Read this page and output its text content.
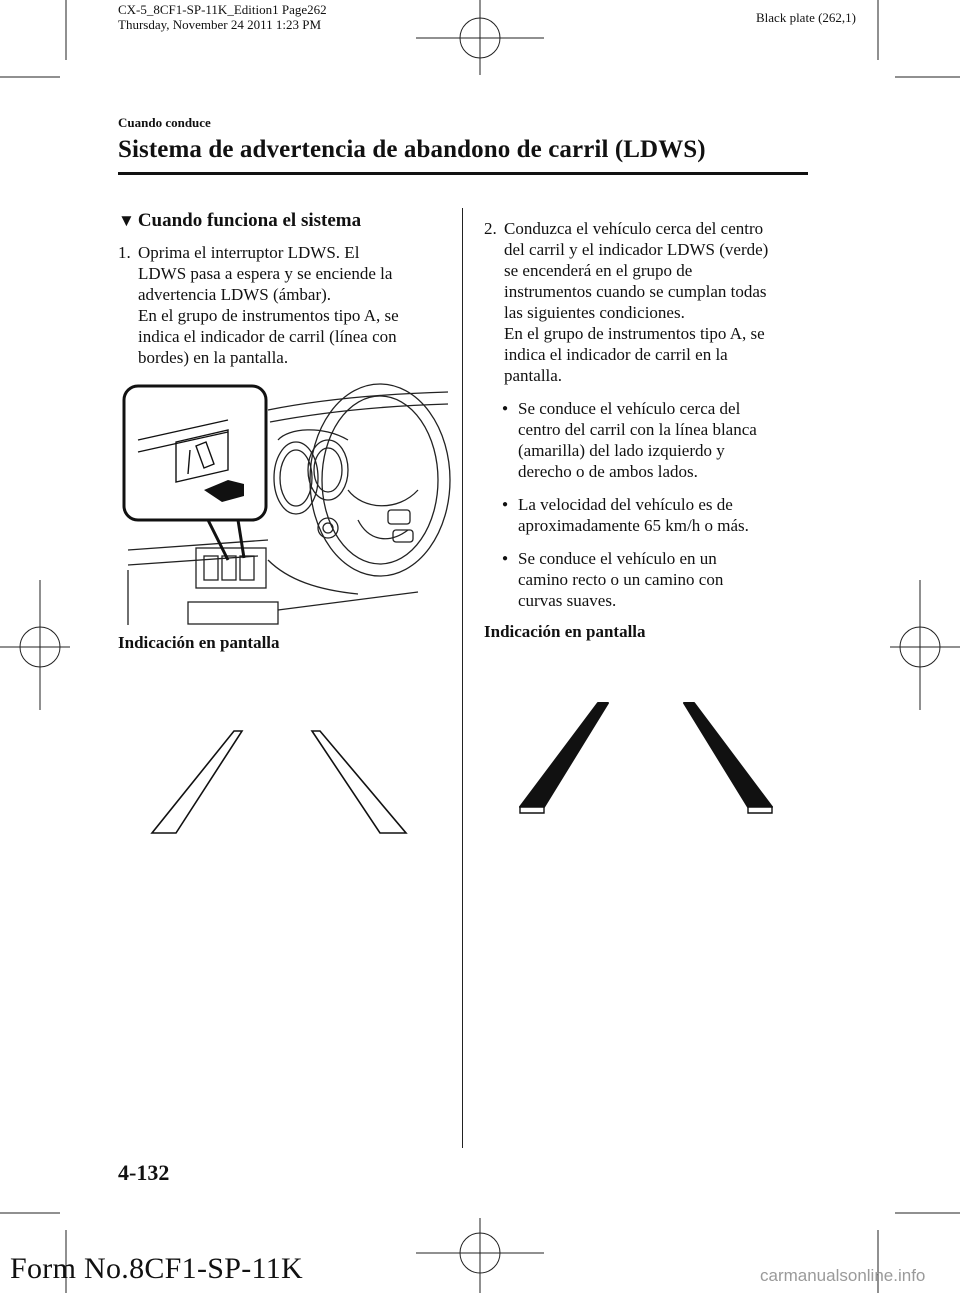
CX-5_8CF1-SP-11K_Edition1 Page262
Thursday, November 24 2011 1:23 PM	Black plate (262,1)
Cuando conduce
Sistema de advertencia de abandono de carril (LDWS)
▼ Cuando funciona el sistema
1. Oprima el interruptor LDWS. El

LDWS pasa a espera y se enciende la

advertencia LDWS (ámbar).

En el grupo de instrumentos tipo A, se

indica el indicador de carril (línea con

bordes) en la pantalla.

Indicación en pantalla
2. Conduzca el vehículo cerca del centro

del carril y el indicador LDWS (verde)

se encenderá en el grupo de

instrumentos cuando se cumplan todas

las siguientes condiciones.

En el grupo de instrumentos tipo A, se

indica el indicador de carril en la

pantalla.

● Se conduce el vehículo cerca del
centro del carril con la línea blanca
(amarilla) del lado izquierdo y
derecho o de ambos lados.
● La velocidad del vehículo es de
aproximadamente 65 km/h o más.
● Se conduce el vehículo en un
camino recto o un camino con
curvas suaves.
Indicación en pantalla
4-132
Form No.8CF1-SP-11K	carmanualsonline.info
